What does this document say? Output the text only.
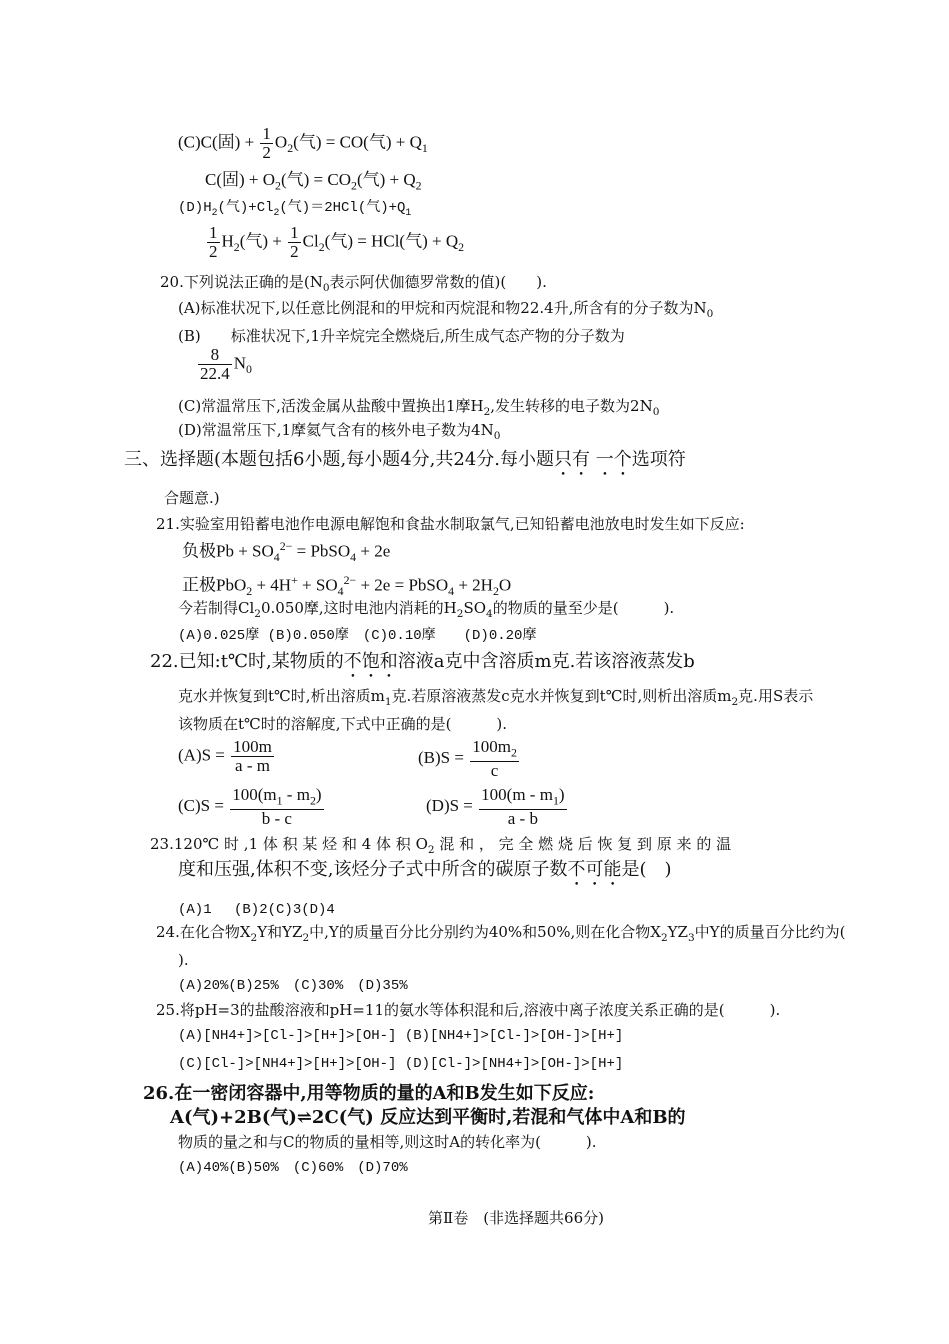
(C)C(固) + $\frac{1}{2} O_2$(气) = CO(气) + $Q_1$
C(固) + $O_2$(气) = $CO_2$(气) + $Q_2$
$(D)H_2$(气)$+Cl_2$(气)＝2HCl(气)$+Q_1$
$\frac{1}{2} H_2$(气) + $\frac{1}{2} Cl_2$(气) = HCl(气) + $Q_2$
20.下列说法正确的是($N_0$表示阿伏伽德罗常数的值)(　　).
(A)标准状况下,以任意比例混和的甲烷和丙烷混和物22.4升,所含有的分子数为$N_0$
(B)　　标准状况下,1升辛烷完全燃烧后,所生成气态产物的分子数为
$\frac{8}{22.4} N_0$
(C)常温常压下,活泼金属从盐酸中置换出1摩$H_2$,发生转移的电子数为$2N_0$
(D)常温常压下,1摩氦气含有的核外电子数为$4N_0$
三、选择题(本题包括6小题,每小题4分,共24分.每小题只有 一个选项符
合题意.)
21.实验室用铅蓄电池作电源电解饱和食盐水制取氯气,已知铅蓄电池放电时发生如下反应:
负极$Pb + SO_4^{2-}$ = PbSO$_4$ + 2e
正极$PbO_2 + 4H^+ + SO_4^{2-} + 2e$ = PbSO$_4$ + $2H_2O$
今若制得$Cl_20.050$摩,这时电池内消耗的$H_2SO_4$的物质的量至少是(　　　).
(A)0.025摩 (B)0.050摩　(C)0.10摩　　(D)0.20摩
22.已知:t℃时,某物质的不饱和溶液a克中含溶质m克.若该溶液蒸发b
克水并恢复到t℃时,析出溶质$m_1$克.若原溶液蒸发c克水并恢复到t℃时,则析出溶质$m_2$克.用S表示
该物质在t℃时的溶解度,下式中正确的是(　　　).
$(A)S = \frac{100m}{a - m}$	$(B)S = \frac{100m_2}{c}$
$(C)S = \frac{100(m_1 - m_2)}{b - c}$	$(D)S = \frac{100(m - m_1)}{a - b}$
23.120℃ 时 ,1 体 积 某 烃 和 4 体 积 $O_2$ 混 和 ， 完 全 燃 烧 后 恢 复 到 原 来 的 温
度和压强,体积不变,该烃分子式中所含的碳原子数不可能是(　)
(A)1　 (B)2(C)3(D)4
24.在化合物$X_2Y$和$YZ_2$中,Y的质量百分比分别约为40%和50%,则在化合物$X_2YZ_3$中Y的质量百分比约为(
).
(A)20%(B)25%　(C)30%　(D)35%
25.将pH=3的盐酸溶液和pH=11的氨水等体积混和后,溶液中离子浓度关系正确的是(　　　).
(A)[NH4+]>[Cl-]>[H+]>[OH-] (B)[NH4+]>[Cl-]>[OH-]>[H+]
(C)[Cl-]>[NH4+]>[H+]>[OH-] (D)[Cl-]>[NH4+]>[OH-]>[H+]
26.在一密闭容器中,用等物质的量的A和B发生如下反应:
A(气)+2B(气)⇌2C(气) 反应达到平衡时,若混和气体中A和B的
物质的量之和与C的物质的量相等,则这时A的转化率为(　　　).
(A)40%(B)50%　(C)60%　(D)70%
第Ⅱ卷　(非选择题共66分)
